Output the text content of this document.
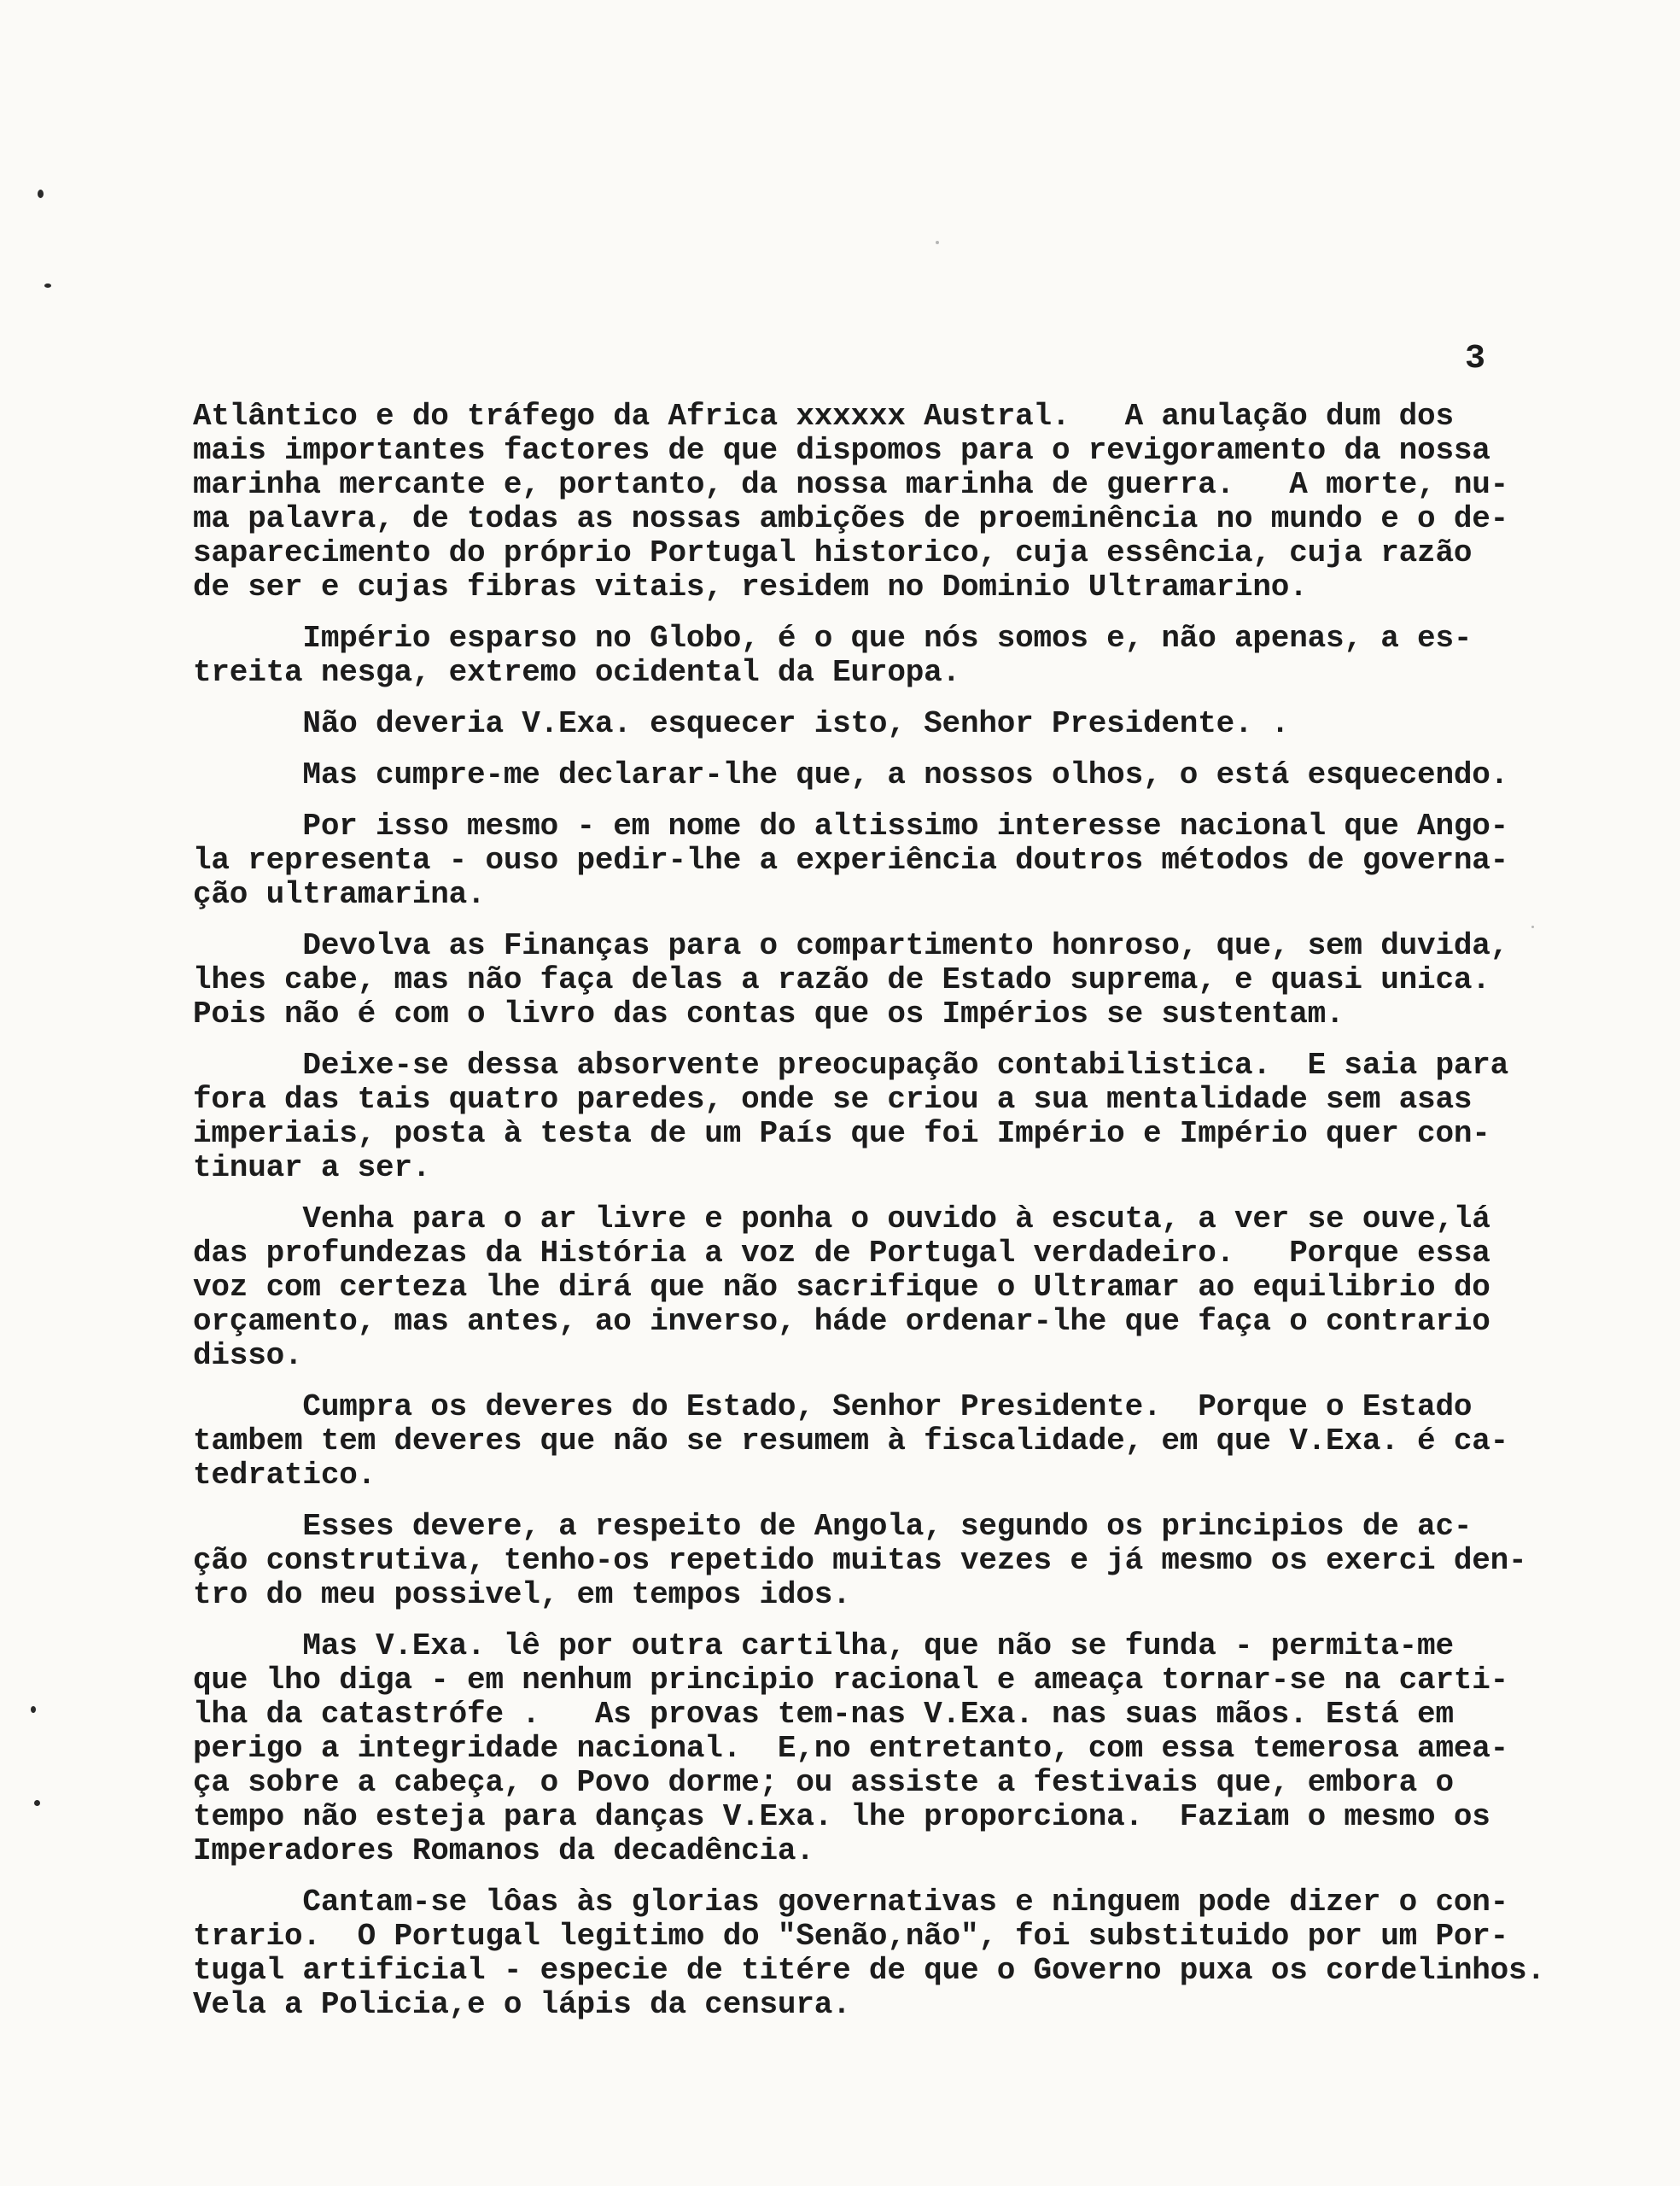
3
Atlântico e do tráfego da Africa xxxxxx Austral.   A anulação dum dos
mais importantes factores de que dispomos para o revigoramento da nossa
marinha mercante e, portanto, da nossa marinha de guerra.   A morte, nu-
ma palavra, de todas as nossas ambições de proeminência no mundo e o de-
saparecimento do próprio Portugal historico, cuja essência, cuja razão
de ser e cujas fibras vitais, residem no Dominio Ultramarino.
Império esparso no Globo, é o que nós somos e, não apenas, a es-
treita nesga, extremo ocidental da Europa.
Não deveria V.Exa. esquecer isto, Senhor Presidente. .
Mas cumpre-me declarar-lhe que, a nossos olhos, o está esquecendo.
Por isso mesmo - em nome do altissimo interesse nacional que Ango-
la representa - ouso pedir-lhe a experiência doutros métodos de governa-
ção ultramarina.
Devolva as Finanças para o compartimento honroso, que, sem duvida,
lhes cabe, mas não faça delas a razão de Estado suprema, e quasi unica.
Pois não é com o livro das contas que os Impérios se sustentam.
Deixe-se dessa absorvente preocupação contabilistica.  E saia para
fora das tais quatro paredes, onde se criou a sua mentalidade sem asas
imperiais, posta à testa de um País que foi Império e Império quer con-
tinuar a ser.
Venha para o ar livre e ponha o ouvido à escuta, a ver se ouve,lá
das profundezas da História a voz de Portugal verdadeiro.   Porque essa
voz com certeza lhe dirá que não sacrifique o Ultramar ao equilibrio do
orçamento, mas antes, ao inverso, háde ordenar-lhe que faça o contrario
disso.
Cumpra os deveres do Estado, Senhor Presidente.  Porque o Estado
tambem tem deveres que não se resumem à fiscalidade, em que V.Exa. é ca-
tedratico.
Esses devere, a respeito de Angola, segundo os principios de ac-
ção construtiva, tenho-os repetido muitas vezes e já mesmo os exerci den-
tro do meu possivel, em tempos idos.
Mas V.Exa. lê por outra cartilha, que não se funda - permita-me
que lho diga - em nenhum principio racional e ameaça tornar-se na carti-
lha da catastrófe .   As provas tem-nas V.Exa. nas suas mãos. Está em
perigo a integridade nacional.  E,no entretanto, com essa temerosa amea-
ça sobre a cabeça, o Povo dorme; ou assiste a festivais que, embora o
tempo não esteja para danças V.Exa. lhe proporciona.  Faziam o mesmo os
Imperadores Romanos da decadência.
Cantam-se lôas às glorias governativas e ninguem pode dizer o con-
trario.  O Portugal legitimo do "Senão,não", foi substituido por um Por-
tugal artificial - especie de titére de que o Governo puxa os cordelinhos.
Vela a Policia,e o lápis da censura.
